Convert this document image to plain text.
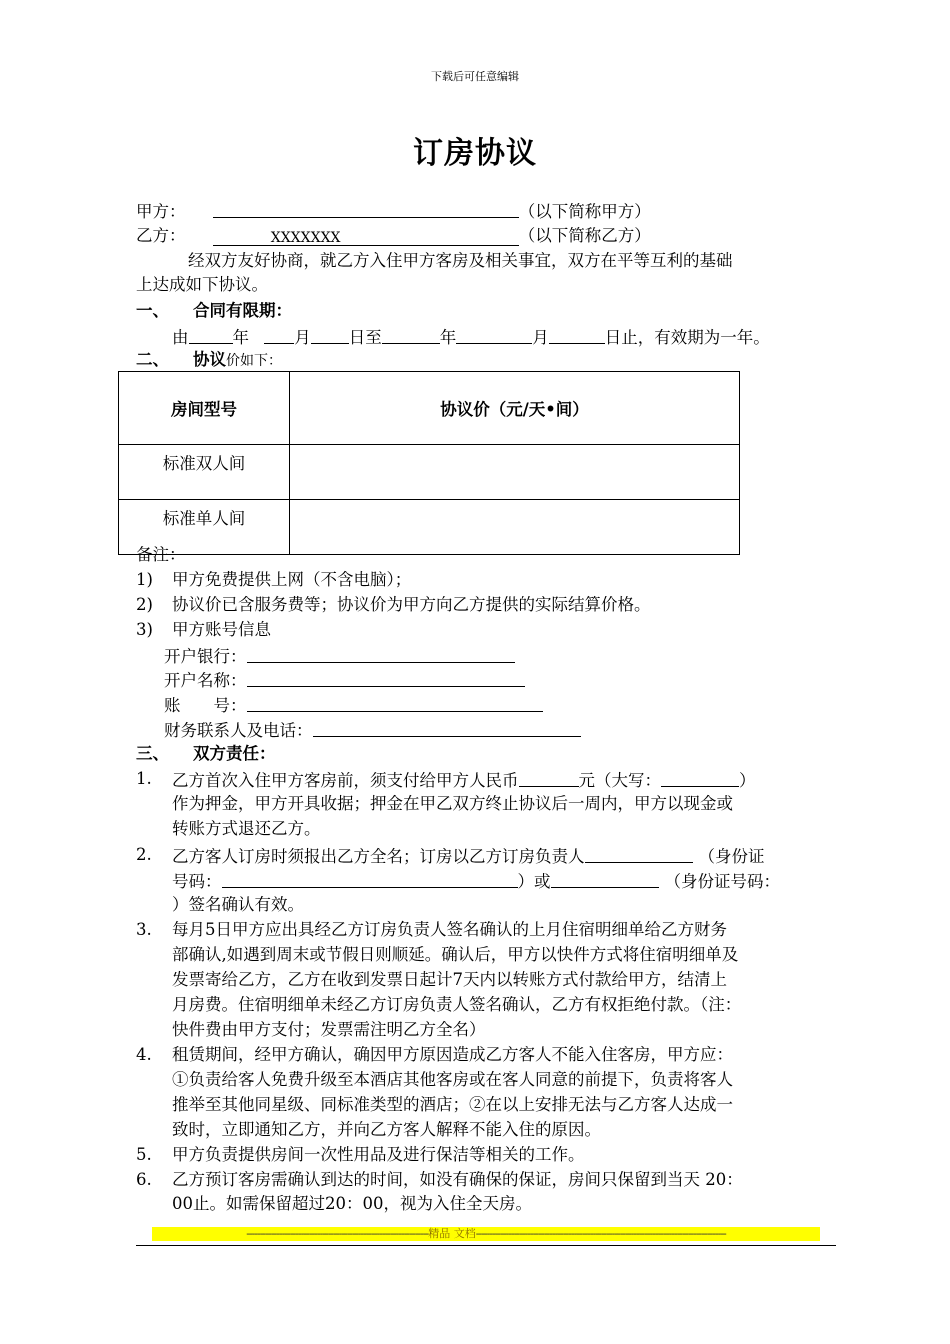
下载后可任意编辑
订房协议
甲方：	（以下简称甲方）
乙方：	XXXXXXX	（以下简称乙方）
经双方友好协商，就乙方入住甲方客房及相关事宜，双方在平等互利的基础
上达成如下协议。
一、 合同有限期：
由	年	月 日至	年	月	日止，有效期为一年。
二、 协议价如下：
房间型号	协议价（元/天•间）
标准双人间	
标准单人间	
备注：
1) 甲方免费提供上网（不含电脑）；
2) 协议价已含服务费等；协议价为甲方向乙方提供的实际结算价格。
3) 甲方账号信息
开户银行：
开户名称：
账　　号：
财务联系人及电话：
三、 双方责任：
1. 乙方首次入住甲方客房前，须支付给甲方人民币	元（大写：	）
作为押金，甲方开具收据；押金在甲乙双方终止协议后一周内，甲方以现金或
转账方式退还乙方。
2. 乙方客人订房时须报出乙方全名；订房以乙方订房负责人	（身份证
号码：	）或	（身份证号码：
）签名确认有效。
3. 每月5日甲方应出具经乙方订房负责人签名确认的上月住宿明细单给乙方财务
部确认,如遇到周末或节假日则顺延。确认后，甲方以快件方式将住宿明细单及
发票寄给乙方，乙方在收到发票日起计7天内以转账方式付款给甲方，结清上
月房费。住宿明细单未经乙方订房负责人签名确认，乙方有权拒绝付款。（注：
快件费由甲方支付；发票需注明乙方全名）
4. 租赁期间，经甲方确认，确因甲方原因造成乙方客人不能入住客房，甲方应：
①负责给客人免费升级至本酒店其他客房或在客人同意的前提下，负责将客人
推举至其他同星级、同标准类型的酒店；②在以上安排无法与乙方客人达成一
致时，立即通知乙方，并向乙方客人解释不能入住的原因。
5. 甲方负责提供房间一次性用品及进行保洁等相关的工作。
6. 乙方预订客房需确认到达的时间，如没有确保的保证，房间只保留到当天 20：
00止。如需保留超过20：00，视为入住全天房。
-------------------------------------------------------------------精品 文档--------------------------------------------------------------------------------------------
